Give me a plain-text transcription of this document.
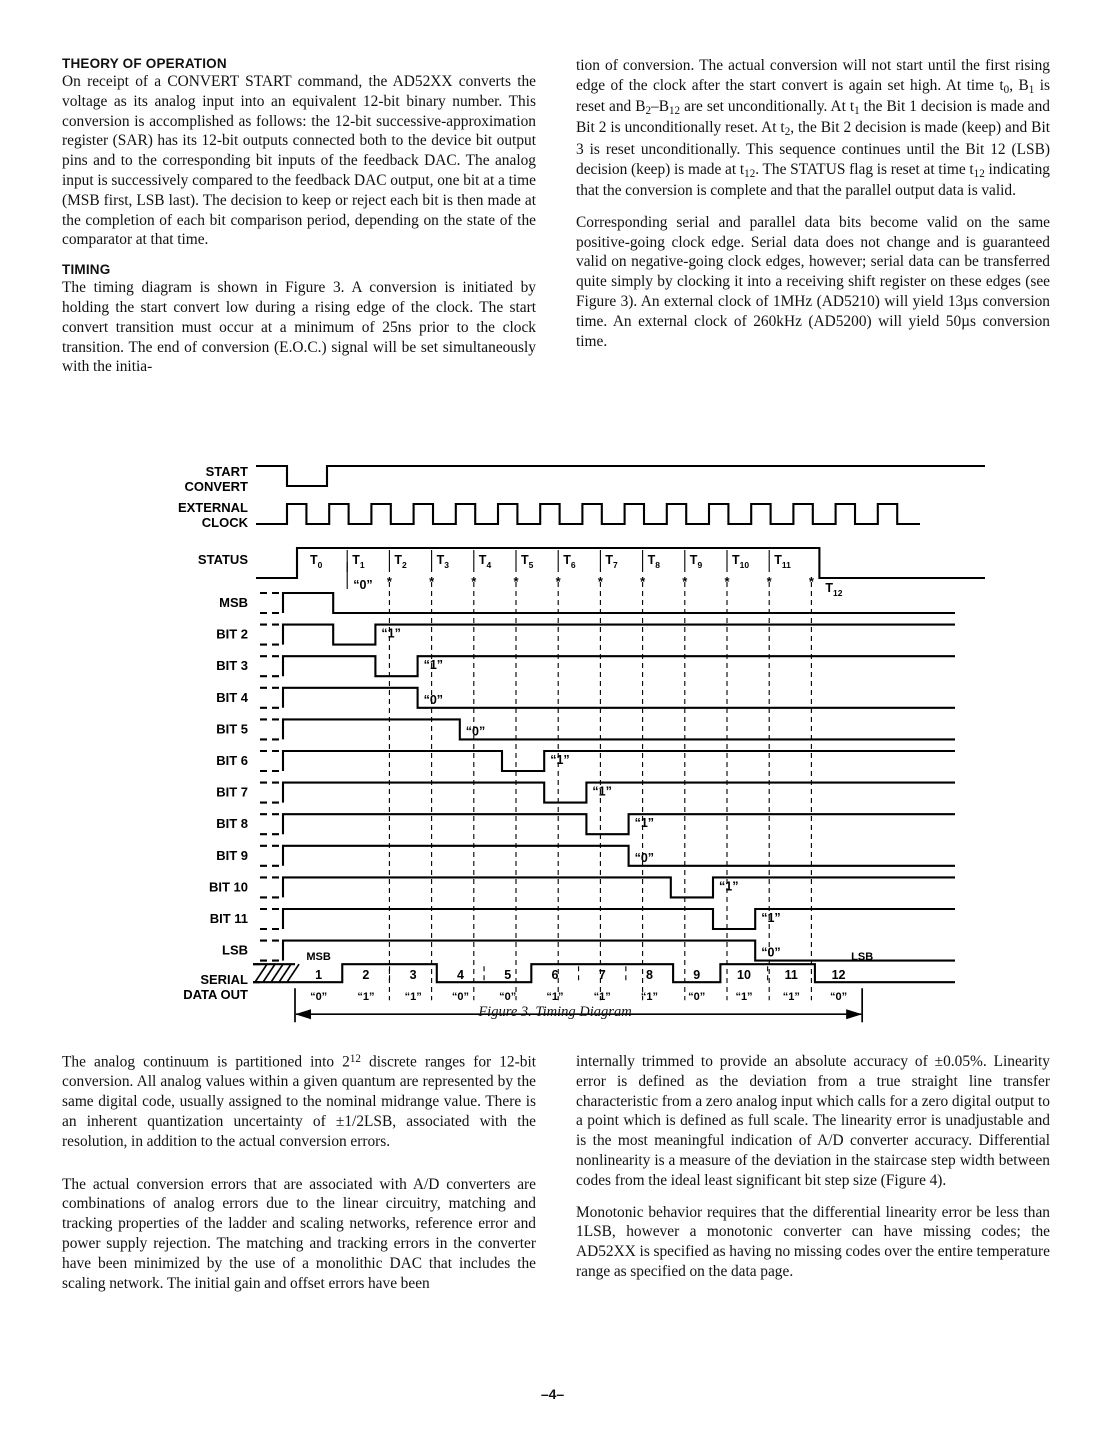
THEORY OF OPERATION

On receipt of a CONVERT START command, the AD52XX converts the voltage as its analog input into an equivalent 12-bit binary number. This conversion is accomplished as follows: the 12-bit successive-approximation register (SAR) has its 12-bit outputs connected both to the device bit output pins and to the corresponding bit inputs of the feedback DAC. The analog input is successively compared to the feedback DAC output, one bit at a time (MSB first, LSB last). The decision to keep or reject each bit is then made at the completion of each bit comparison period, depending on the state of the comparator at that time.

TIMING

The timing diagram is shown in Figure 3. A conversion is initiated by holding the start convert low during a rising edge of the clock. The start convert transition must occur at a minimum of 25ns prior to the clock transition. The end of conversion (E.O.C.) signal will be set simultaneously with the initia-

tion of conversion. The actual conversion will not start until the first rising edge of the clock after the start convert is again set high. At time $t_0$, $B_1$ is reset and $B_2-B_{12}$ are set unconditionally. At $t_1$ the Bit 1 decision is made and Bit 2 is unconditionally reset. At $t_2$, the Bit 2 decision is made (keep) and Bit 3 is reset unconditionally. This sequence continues until the Bit 12 (LSB) decision (keep) is made at $t_{12}$. The STATUS flag is reset at time $t_{12}$ indicating that the conversion is complete and that the parallel output data is valid.

Corresponding serial and parallel data bits become valid on the same positive-going clock edge. Serial data does not change and is guaranteed valid on negative-going clock edges, however; serial data can be transferred quite simply by clocking it into a receiving shift register on these edges (see Figure 3). An external clock of 1MHz (AD5210) will yield 13µs conversion time. An external clock of 260kHz (AD5200) will yield 50µs conversion time.

START CONVERT
EXTERNAL CLOCK
STATUS
MSB
BIT 2
BIT 3
BIT 4
BIT 5
BIT 6
BIT 7
BIT 8
BIT 9
BIT 10
BIT 11
LSB
SERIAL DATA OUT
$T_0$ $T_1$ $T_2$ $T_3$ $T_4$ $T_5$ $T_6$ $T_7$ $T_8$ $T_9$ $T_{10}$ $T_{11}$
$T_{12}$
*	*	*	*	*	*	*	*	*	*	*
“0”
“1”
“1”
“0”
“0”
“1”
“1”
“1”
“0”
“1”
“1”
“0”
1
“0”
2
“1”
3
“1”
4
“0”
5
“0”
6
“1”
7
“1”
8
“1”
9
“0”
10
“1”
11
“1”
12
“0”
MSB	LSB
Figure 3. Timing Diagram

The analog continuum is partitioned into $2^{12}$ discrete ranges for 12-bit conversion. All analog values within a given quantum are represented by the same digital code, usually assigned to the nominal midrange value. There is an inherent quantization uncertainty of ±1/2LSB, associated with the resolution, in addition to the actual conversion errors.

The actual conversion errors that are associated with A/D converters are combinations of analog errors due to the linear circuitry, matching and tracking properties of the ladder and scaling networks, reference error and power supply rejection. The matching and tracking errors in the converter have been minimized by the use of a monolithic DAC that includes the scaling network. The initial gain and offset errors have been

internally trimmed to provide an absolute accuracy of ±0.05%. Linearity error is defined as the deviation from a true straight line transfer characteristic from a zero analog input which calls for a zero digital output to a point which is defined as full scale. The linearity error is unadjustable and is the most meaningful indication of A/D converter accuracy. Differential nonlinearity is a measure of the deviation in the staircase step width between codes from the ideal least significant bit step size (Figure 4).

Monotonic behavior requires that the differential linearity error be less than 1LSB, however a monotonic converter can have missing codes; the AD52XX is specified as having no missing codes over the entire temperature range as specified on the data page.

–4–
